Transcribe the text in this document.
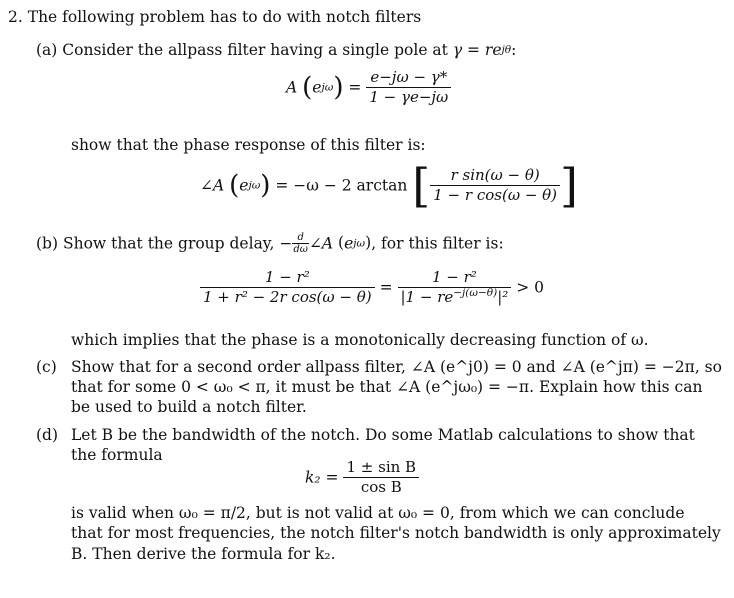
2. The following problem has to do with notch filters
(a) Consider the allpass filter having a single pole at γ = rejθ:
A $(ej\omega) = \frac{e-j\omega - \gamma*}{1 - \gamma e-j\omega}$
show that the phase response of this filter is:
∠A (ejω) = −ω − 2 arctan [ $\frac{\text{r sin(ω − θ)}}{\text{1 − r cos(ω − θ)}}$ ]
(b) Show that the group delay, − $\frac{d}{d\omega}$ ∠A (ejω), for this filter is:
$\frac{\text{1 − r²}}{\text{1 + r² − 2r cos(ω − θ)}} = \frac{\text{1 − r²}}{|1 - re^{-j(\omega-\theta)}|^2} > 0$
which implies that the phase is a monotonically decreasing function of ω.
(c) Show that for a second order allpass filter, ∠A (e^j0) = 0 and ∠A (e^jπ) = −2π, so
that for some 0 < ω₀ < π, it must be that ∠A (e^jω₀) = −π. Explain how this can
be used to build a notch filter.
(d) Let B be the bandwidth of the notch. Do some Matlab calculations to show that
the formula
$k_2 = \frac{\text{1 ± sin B}}{\text{cos B}}$
is valid when ω₀ = π/2, but is not valid at ω₀ = 0, from which we can conclude
that for most frequencies, the notch filter's notch bandwidth is only approximately
B. Then derive the formula for k₂.
